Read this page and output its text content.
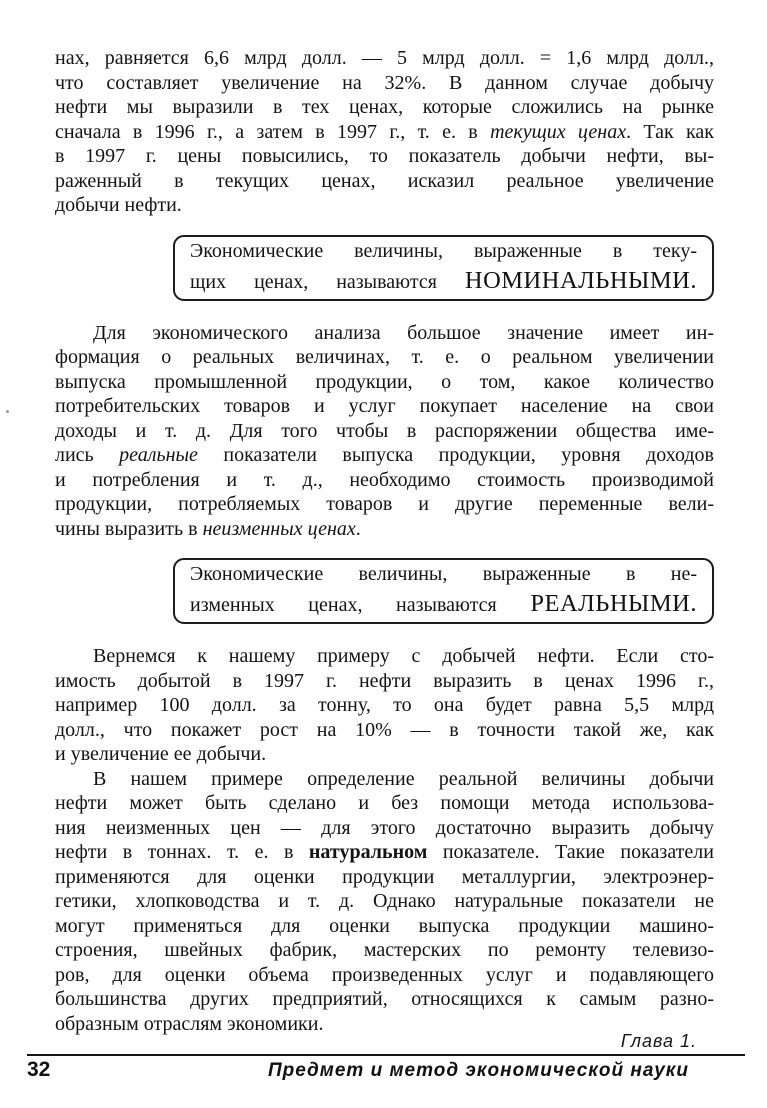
нах, равняется 6,6 млрд долл. — 5 млрд долл. = 1,6 млрд долл.,
что составляет увеличение на 32%. В данном случае добычу
нефти мы выразили в тех ценах, которые сложились на рынке
сначала в 1996 г., а затем в 1997 г., т. е. в текущих ценах. Так как
в 1997 г. цены повысились, то показатель добычи нефти, вы-
раженный в текущих ценах, исказил реальное увеличение
добычи нефти.
Экономические величины, выраженные в теку-
щих ценах, называются НОМИНАЛЬНЫМИ.
Для экономического анализа большое значение имеет ин-
формация о реальных величинах, т. е. о реальном увеличении
выпуска промышленной продукции, о том, какое количество
потребительских товаров и услуг покупает население на свои
доходы и т. д. Для того чтобы в распоряжении общества име-
лись реальные показатели выпуска продукции, уровня доходов
и потребления и т. д., необходимо стоимость производимой
продукции, потребляемых товаров и другие переменные вели-
чины выразить в неизменных ценах.
Экономические величины, выраженные в не-
изменных ценах, называются РЕАЛЬНЫМИ.
Вернемся к нашему примеру с добычей нефти. Если сто-
имость добытой в 1997 г. нефти выразить в ценах 1996 г.,
например 100 долл. за тонну, то она будет равна 5,5 млрд
долл., что покажет рост на 10% — в точности такой же, как
и увеличение ее добычи.
В нашем примере определение реальной величины добычи
нефти может быть сделано и без помощи метода использова-
ния неизменных цен — для этого достаточно выразить добычу
нефти в тоннах. т. е. в натуральном показателе. Такие показатели
применяются для оценки продукции металлургии, электроэнер-
гетики, хлопководства и т. д. Однако натуральные показатели не
могут применяться для оценки выпуска продукции машино-
строения, швейных фабрик, мастерских по ремонту телевизо-
ров, для оценки объема произведенных услуг и подавляющего
большинства других предприятий, относящихся к самым разно-
образным отраслям экономики.
Глава 1.
32	Предмет и метод экономической науки
